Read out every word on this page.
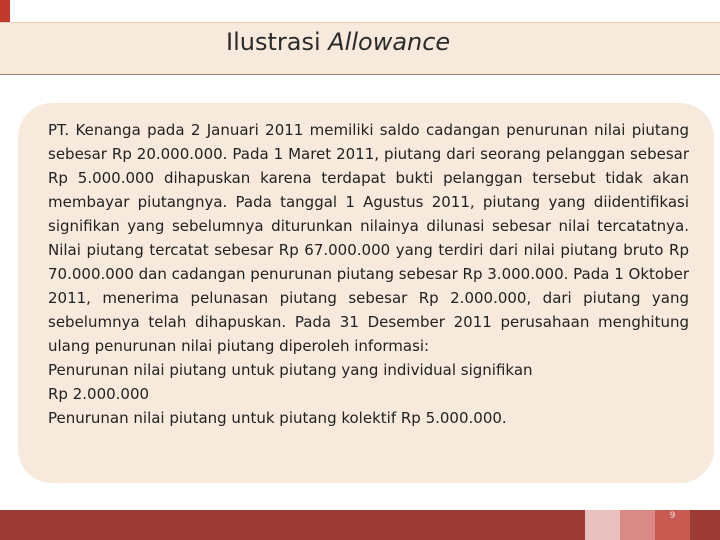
Ilustrasi Allowance

PT. Kenanga pada 2 Januari 2011 memiliki saldo cadangan penurunan nilai piutang sebesar Rp 20.000.000. Pada 1 Maret 2011, piutang dari seorang pelanggan sebesar Rp 5.000.000 dihapuskan karena terdapat bukti pelanggan tersebut tidak akan membayar piutangnya. Pada tanggal 1 Agustus 2011, piutang yang diidentifikasi signifikan yang sebelumnya diturunkan nilainya dilunasi sebesar nilai tercatatnya. Nilai piutang tercatat sebesar Rp 67.000.000 yang terdiri dari nilai piutang bruto Rp 70.000.000 dan cadangan penurunan piutang sebesar Rp 3.000.000. Pada 1 Oktober 2011, menerima pelunasan piutang sebesar Rp 2.000.000, dari piutang yang sebelumnya telah dihapuskan. Pada 31 Desember 2011 perusahaan menghitung ulang penurunan nilai piutang diperoleh informasi:

Penurunan nilai piutang untuk piutang yang individual signifikan

Rp 2.000.000

Penurunan nilai piutang untuk piutang kolektif Rp 5.000.000.

9
